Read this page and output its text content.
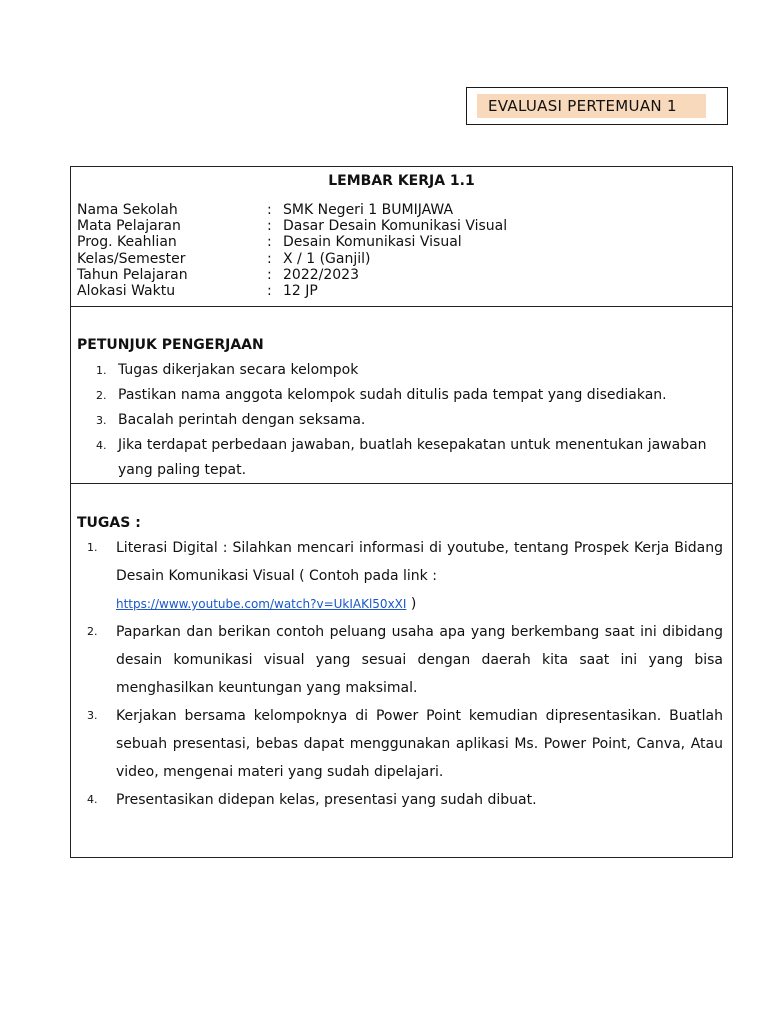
EVALUASI PERTEMUAN 1
LEMBAR KERJA 1.1
Nama Sekolah	: SMK Negeri 1 BUMIJAWA
Mata Pelajaran	: Dasar Desain Komunikasi Visual
Prog. Keahlian	: Desain Komunikasi Visual
Kelas/Semester	: X / 1 (Ganjil)
Tahun Pelajaran	: 2022/2023
Alokasi Waktu	: 12 JP
PETUNJUK PENGERJAAN
1. Tugas dikerjakan secara kelompok
2. Pastikan nama anggota kelompok sudah ditulis pada tempat yang disediakan.
3. Bacalah perintah dengan seksama.
4. Jika terdapat perbedaan jawaban, buatlah kesepakatan untuk menentukan jawaban yang paling tepat.
TUGAS :
1. Literasi Digital : Silahkan mencari informasi di youtube, tentang Prospek Kerja Bidang Desain Komunikasi Visual ( Contoh pada link :
https://www.youtube.com/watch?v=UkIAKl50xXI )
2. Paparkan dan berikan contoh peluang usaha apa yang berkembang saat ini dibidang desain komunikasi visual yang sesuai dengan daerah kita saat ini yang bisa menghasilkan keuntungan yang maksimal.
3. Kerjakan bersama kelompoknya di Power Point kemudian dipresentasikan. Buatlah sebuah presentasi, bebas dapat menggunakan aplikasi Ms. Power Point, Canva, Atau video, mengenai materi yang sudah dipelajari.
4. Presentasikan didepan kelas, presentasi yang sudah dibuat.
